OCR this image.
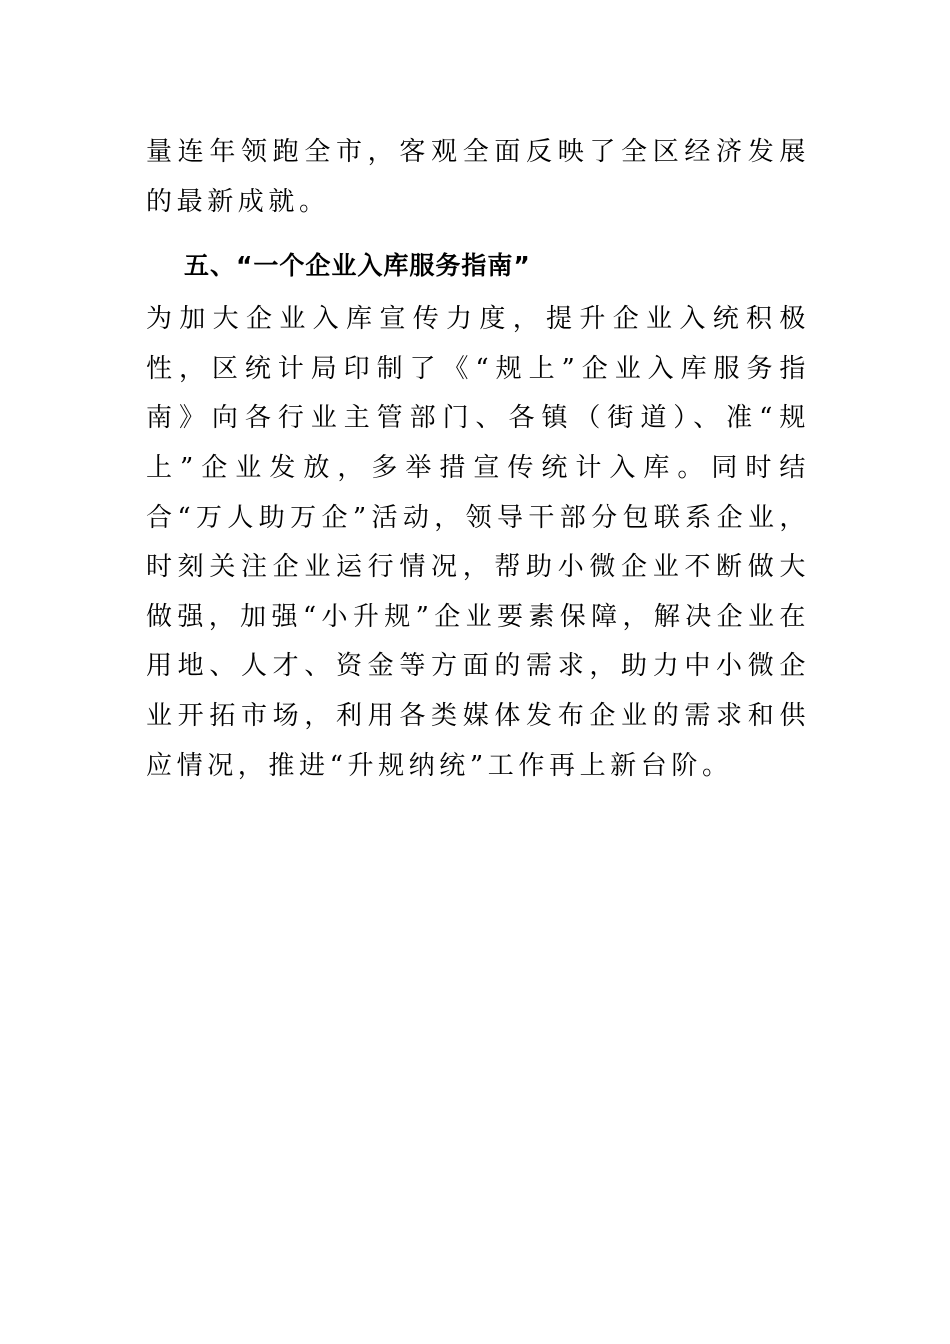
量连年领跑全市，客观全面反映了全区经济发展的最新成就。

五、“一个企业入库服务指南”

为加大企业入库宣传力度，提升企业入统积极性，区统计局印制了《“规上”企业入库服务指南》向各行业主管部门、各镇（街道）、准“规上”企业发放，多举措宣传统计入库。同时结合“万人助万企”活动，领导干部分包联系企业，时刻关注企业运行情况，帮助小微企业不断做大做强，加强“小升规”企业要素保障，解决企业在用地、人才、资金等方面的需求，助力中小微企业开拓市场，利用各类媒体发布企业的需求和供应情况，推进“升规纳统”工作再上新台阶。
